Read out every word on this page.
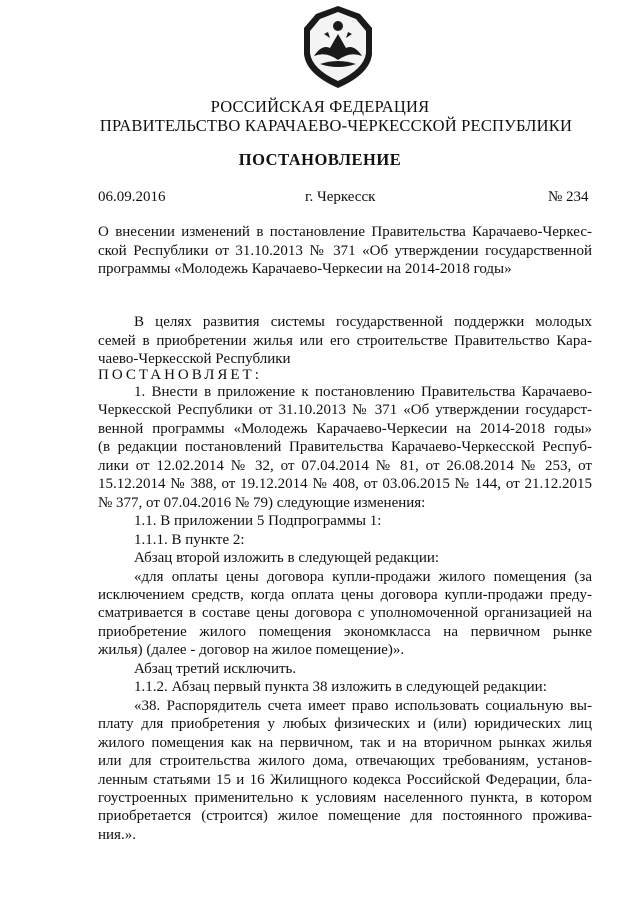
РОССИЙСКАЯ ФЕДЕРАЦИЯ
ПРАВИТЕЛЬСТВО КАРАЧАЕВО-ЧЕРКЕССКОЙ РЕСПУБЛИКИ
ПОСТАНОВЛЕНИЕ
06.09.2016	г. Черкесск	№ 234
О внесении изменений в постановление Правительства Карачаево-Черкес-
ской Республики от 31.10.2013 № 371 «Об утверждении государственной
программы «Молодежь Карачаево-Черкесии на 2014-2018 годы»
В целях развития системы государственной поддержки молодых
семей в приобретении жилья или его строительстве Правительство Кара-
чаево-Черкесской Республики
ПОСТАНОВЛЯЕТ:
1. Внести в приложение к постановлению Правительства Карачаево-
Черкесской Республики от 31.10.2013 № 371 «Об утверждении государст-
венной программы «Молодежь Карачаево-Черкесии на 2014-2018 годы»
(в редакции постановлений Правительства Карачаево-Черкесской Респуб-
лики от 12.02.2014 № 32, от 07.04.2014 № 81, от 26.08.2014 № 253, от
15.12.2014 № 388, от 19.12.2014 № 408, от 03.06.2015 № 144, от 21.12.2015
№ 377, от 07.04.2016 № 79) следующие изменения:
1.1. В приложении 5 Подпрограммы 1:
1.1.1. В пункте 2:
Абзац второй изложить в следующей редакции:
«для оплаты цены договора купли-продажи жилого помещения (за
исключением средств, когда оплата цены договора купли-продажи преду-
сматривается в составе цены договора с уполномоченной организацией на
приобретение жилого помещения экономкласса на первичном рынке
жилья) (далее - договор на жилое помещение)».
Абзац третий исключить.
1.1.2. Абзац первый пункта 38 изложить в следующей редакции:
«38. Распорядитель счета имеет право использовать социальную вы-
плату для приобретения у любых физических и (или) юридических лиц
жилого помещения как на первичном, так и на вторичном рынках жилья
или для строительства жилого дома, отвечающих требованиям, установ-
ленным статьями 15 и 16 Жилищного кодекса Российской Федерации, бла-
гоустроенных применительно к условиям населенного пункта, в котором
приобретается (строится) жилое помещение для постоянного прожива-
ния.».
